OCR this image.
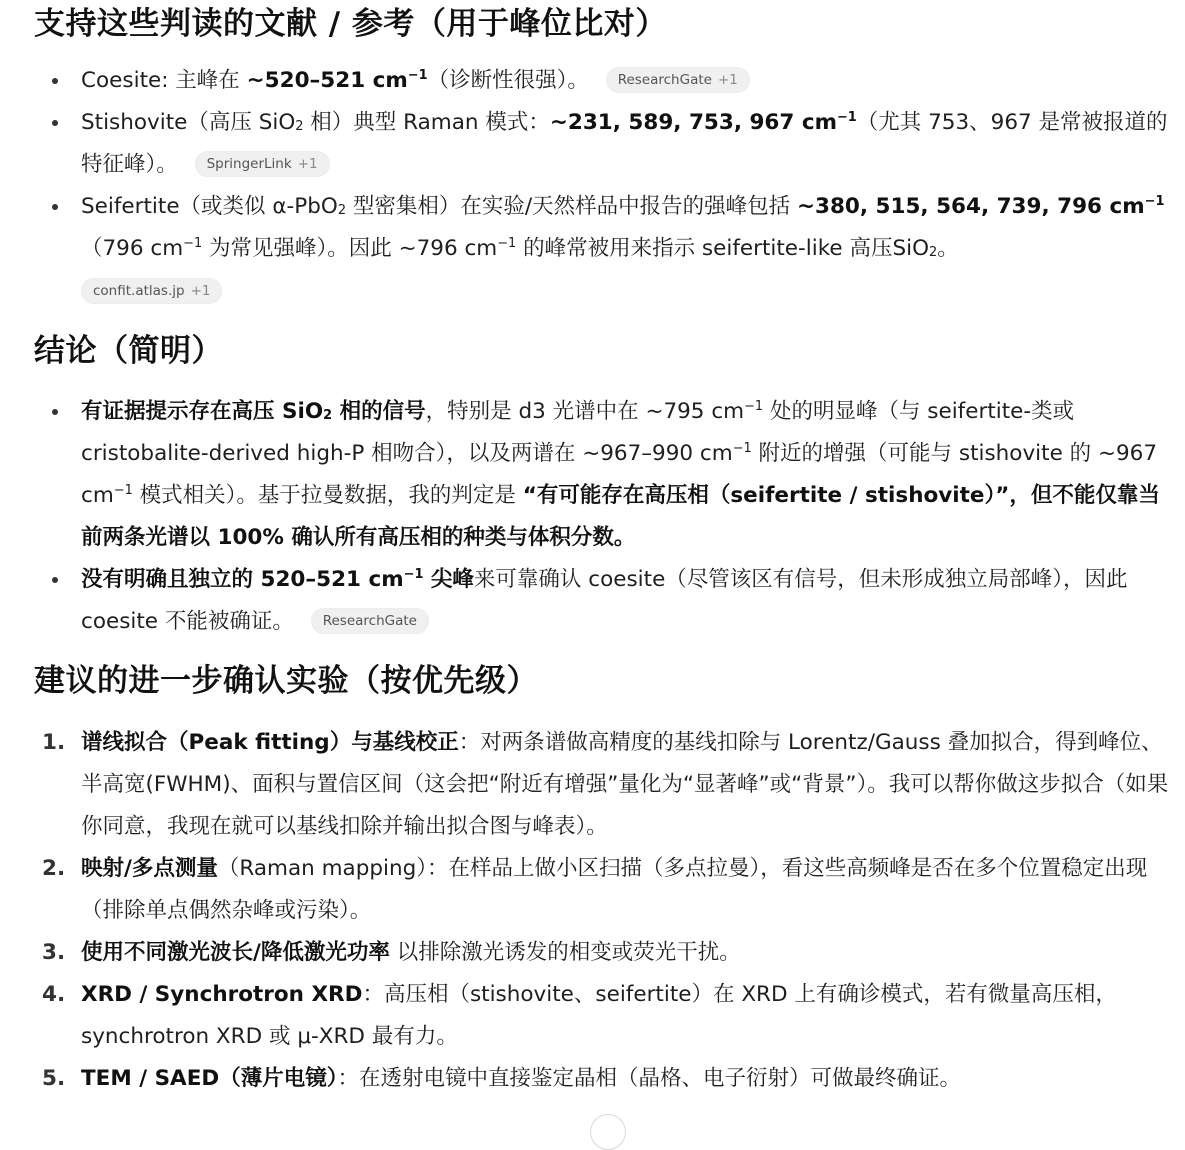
支持这些判读的文献 / 参考（用于峰位比对）
Coesite: 主峰在 ~520–521 $cm^{-1}$（诊断性很强）。 ResearchGate +1
Stishovite（高压 SiO$_2$ 相）典型 Raman 模式：~231, 589, 753, 967 $cm^{-1}$（尤其 753、967 是常被报道的特征峰）。 SpringerLink +1
Seifertite（或类似 α-PbO$_2$ 型密集相）在实验/天然样品中报告的强峰包括 ~380, 515, 564, 739, 796 $cm^{-1}(796$ $cm^{-1}$ 为常见强峰）。因此 ~796 $cm^{-1}$ 的峰常被用来指示 seifertite-like 高压SiO$_2$。
confit.atlas.jp +1
结论（简明）
有证据提示存在高压 SiO$_2$ 相的信号，特别是 d3 光谱中在 ~795 $cm^{-1}$ 处的明显峰（与 seifertite-类或 cristobalite-derived high-P 相吻合），以及两谱在 ~967–990 $cm^{-1}$ 附近的增强（可能与 stishovite 的 ~967 $cm^{-1}$ 模式相关）。基于拉曼数据，我的判定是 “有可能存在高压相（seifertite / stishovite）”，但不能仅靠当前两条光谱以 100% 确认所有高压相的种类与体积分数。
没有明确且独立的 520–521 $cm^{-1}$ 尖峰来可靠确认 coesite（尽管该区有信号，但未形成独立局部峰），因此 coesite 不能被确证。 ResearchGate
建议的进一步确认实验（按优先级）
1. 谱线拟合（Peak fitting）与基线校正：对两条谱做高精度的基线扣除与 Lorentz/Gauss 叠加拟合，得到峰位、半高宽(FWHM)、面积与置信区间（这会把“附近有增强”量化为“显著峰”或“背景”）。我可以帮你做这步拟合（如果你同意，我现在就可以基线扣除并输出拟合图与峰表）。
2. 映射/多点测量（Raman mapping）：在样品上做小区扫描（多点拉曼），看这些高频峰是否在多个位置稳定出现（排除单点偶然杂峰或污染）。
3. 使用不同激光波长/降低激光功率 以排除激光诱发的相变或荧光干扰。
4. XRD / Synchrotron XRD：高压相（stishovite、seifertite）在 XRD 上有确诊模式，若有微量高压相，synchrotron XRD 或 μ-XRD 最有力。
5. TEM / SAED（薄片电镜）：在透射电镜中直接鉴定晶相（晶格、电子衍射）可做最终确证。
